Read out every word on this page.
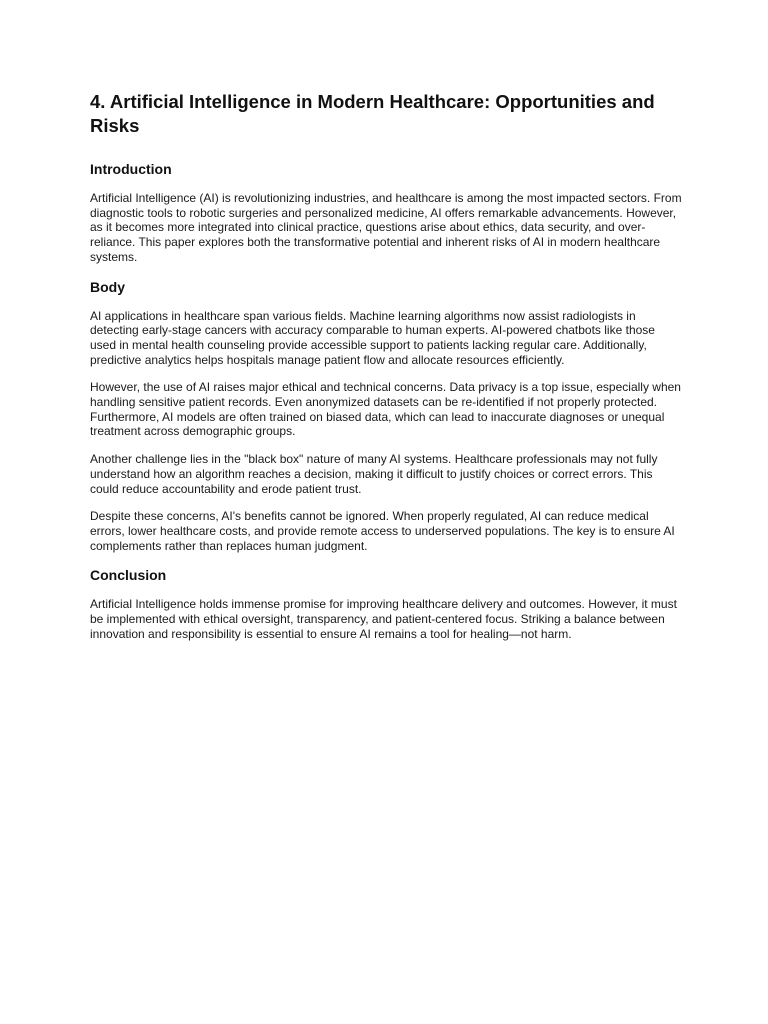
4. Artificial Intelligence in Modern Healthcare: Opportunities and Risks
Introduction

Artificial Intelligence (AI) is revolutionizing industries, and healthcare is among the most impacted sectors. From diagnostic tools to robotic surgeries and personalized medicine, AI offers remarkable advancements. However, as it becomes more integrated into clinical practice, questions arise about ethics, data security, and over-reliance. This paper explores both the transformative potential and inherent risks of AI in modern healthcare systems.

Body

AI applications in healthcare span various fields. Machine learning algorithms now assist radiologists in detecting early-stage cancers with accuracy comparable to human experts. AI-powered chatbots like those used in mental health counseling provide accessible support to patients lacking regular care. Additionally, predictive analytics helps hospitals manage patient flow and allocate resources efficiently.

However, the use of AI raises major ethical and technical concerns. Data privacy is a top issue, especially when handling sensitive patient records. Even anonymized datasets can be re-identified if not properly protected. Furthermore, AI models are often trained on biased data, which can lead to inaccurate diagnoses or unequal treatment across demographic groups.

Another challenge lies in the "black box" nature of many AI systems. Healthcare professionals may not fully understand how an algorithm reaches a decision, making it difficult to justify choices or correct errors. This could reduce accountability and erode patient trust.

Despite these concerns, AI's benefits cannot be ignored. When properly regulated, AI can reduce medical errors, lower healthcare costs, and provide remote access to underserved populations. The key is to ensure AI complements rather than replaces human judgment.

Conclusion

Artificial Intelligence holds immense promise for improving healthcare delivery and outcomes. However, it must be implemented with ethical oversight, transparency, and patient-centered focus. Striking a balance between innovation and responsibility is essential to ensure AI remains a tool for healing—not harm.
